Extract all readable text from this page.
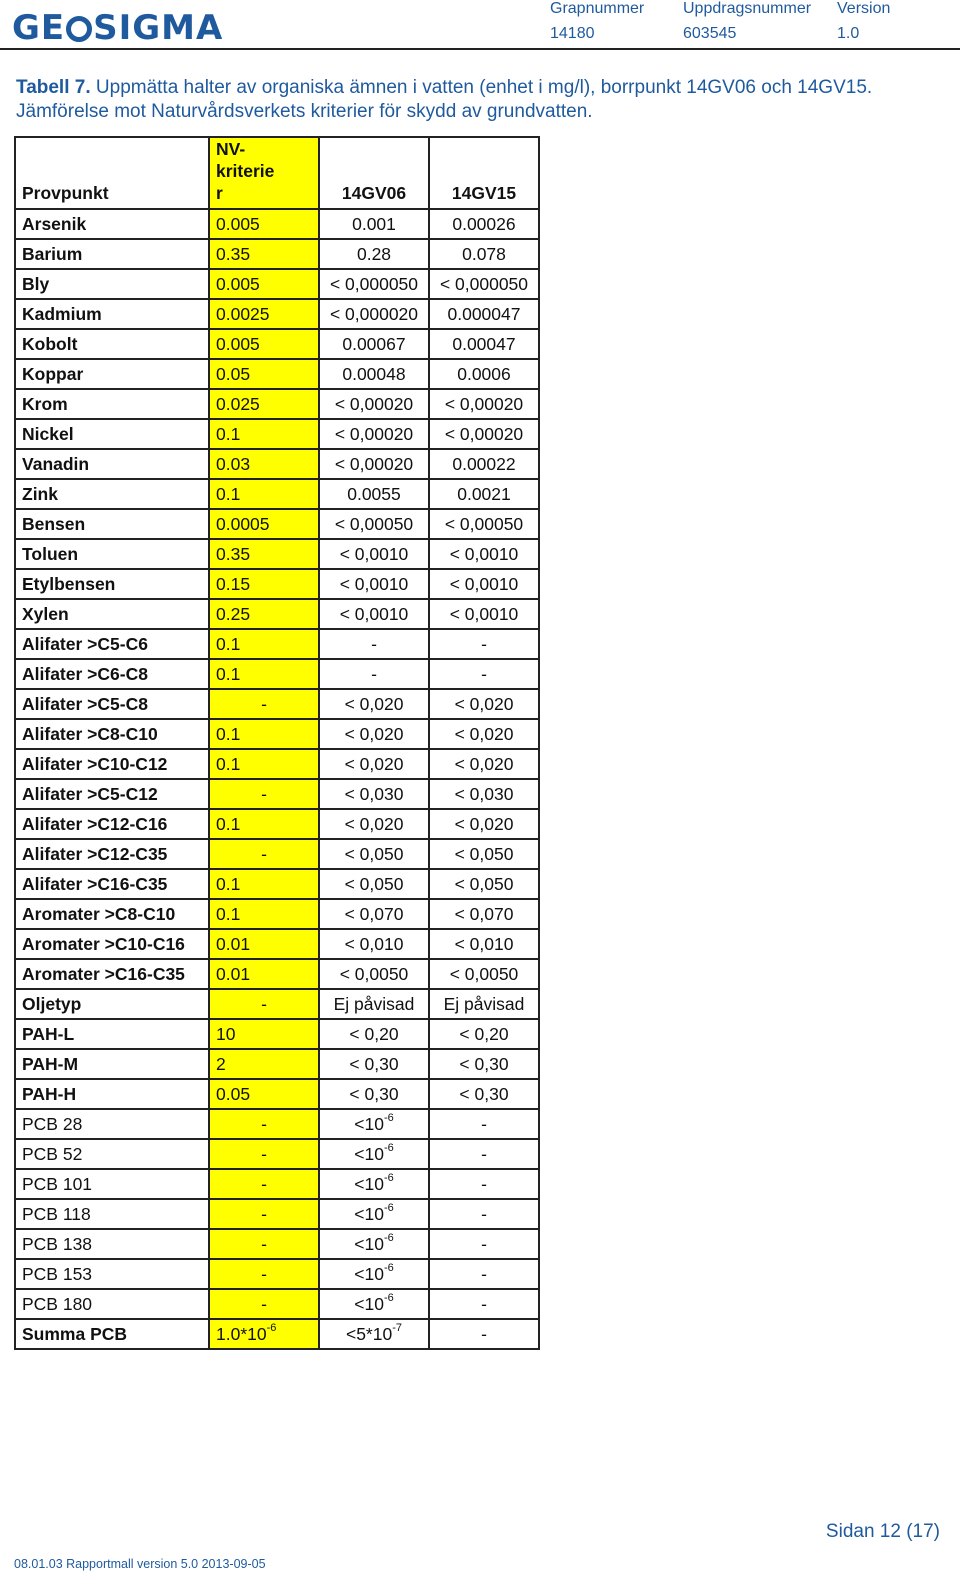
GE SIGMA	Grapnummer Uppdragsnummer Version
14180	603545	1.0
Tabell 7. Uppmätta halter av organiska ämnen i vatten (enhet i mg/l), borrpunkt 14GV06 och 14GV15. Jämförelse mot Naturvårdsverkets kriterier för skydd av grundvatten.
Provpunkt	NV-kriterier	14GV06	14GV15
Arsenik	0.005	0.001	0.00026
Barium	0.35	0.28	0.078
Bly	0.005	< 0,000050	< 0,000050
Kadmium	0.0025	< 0,000020	0.000047
Kobolt	0.005	0.00067	0.00047
Koppar	0.05	0.00048	0.0006
Krom	0.025	< 0,00020	< 0,00020
Nickel	0.1	< 0,00020	< 0,00020
Vanadin	0.03	< 0,00020	0.00022
Zink	0.1	0.0055	0.0021
Bensen	0.0005	< 0,00050	< 0,00050
Toluen	0.35	< 0,0010	< 0,0010
Etylbensen	0.15	< 0,0010	< 0,0010
Xylen	0.25	< 0,0010	< 0,0010
Alifater >C5-C6	0.1	-	-
Alifater >C6-C8	0.1	-	-
Alifater >C5-C8	-	< 0,020	< 0,020
Alifater >C8-C10	0.1	< 0,020	< 0,020
Alifater >C10-C12	0.1	< 0,020	< 0,020
Alifater >C5-C12	-	< 0,030	< 0,030
Alifater >C12-C16	0.1	< 0,020	< 0,020
Alifater >C12-C35	-	< 0,050	< 0,050
Alifater >C16-C35	0.1	< 0,050	< 0,050
Aromater >C8-C10	0.1	< 0,070	< 0,070
Aromater >C10-C16	0.01	< 0,010	< 0,010
Aromater >C16-C35	0.01	< 0,0050	< 0,0050
Oljetyp	-	Ej påvisad	Ej påvisad
PAH-L	10	< 0,20	< 0,20
PAH-M	2	< 0,30	< 0,30
PAH-H	0.05	< 0,30	< 0,30
PCB 28	-	$<10^{-6}$	-
PCB 52	-	$<10^{-6}$	-
PCB 101	-	$<10^{-6}$	-
PCB 118	-	$<10^{-6}$	-
PCB 138	-	$<10^{-6}$	-
PCB 153	-	$<10^{-6}$	-
PCB 180	-	$<10^{-6}$	-
Summa PCB	$1.0*10^{-6}$	$<5*10^{-7}$	-
Sidan 12 (17)
08.01.03 Rapportmall version 5.0 2013-09-05
